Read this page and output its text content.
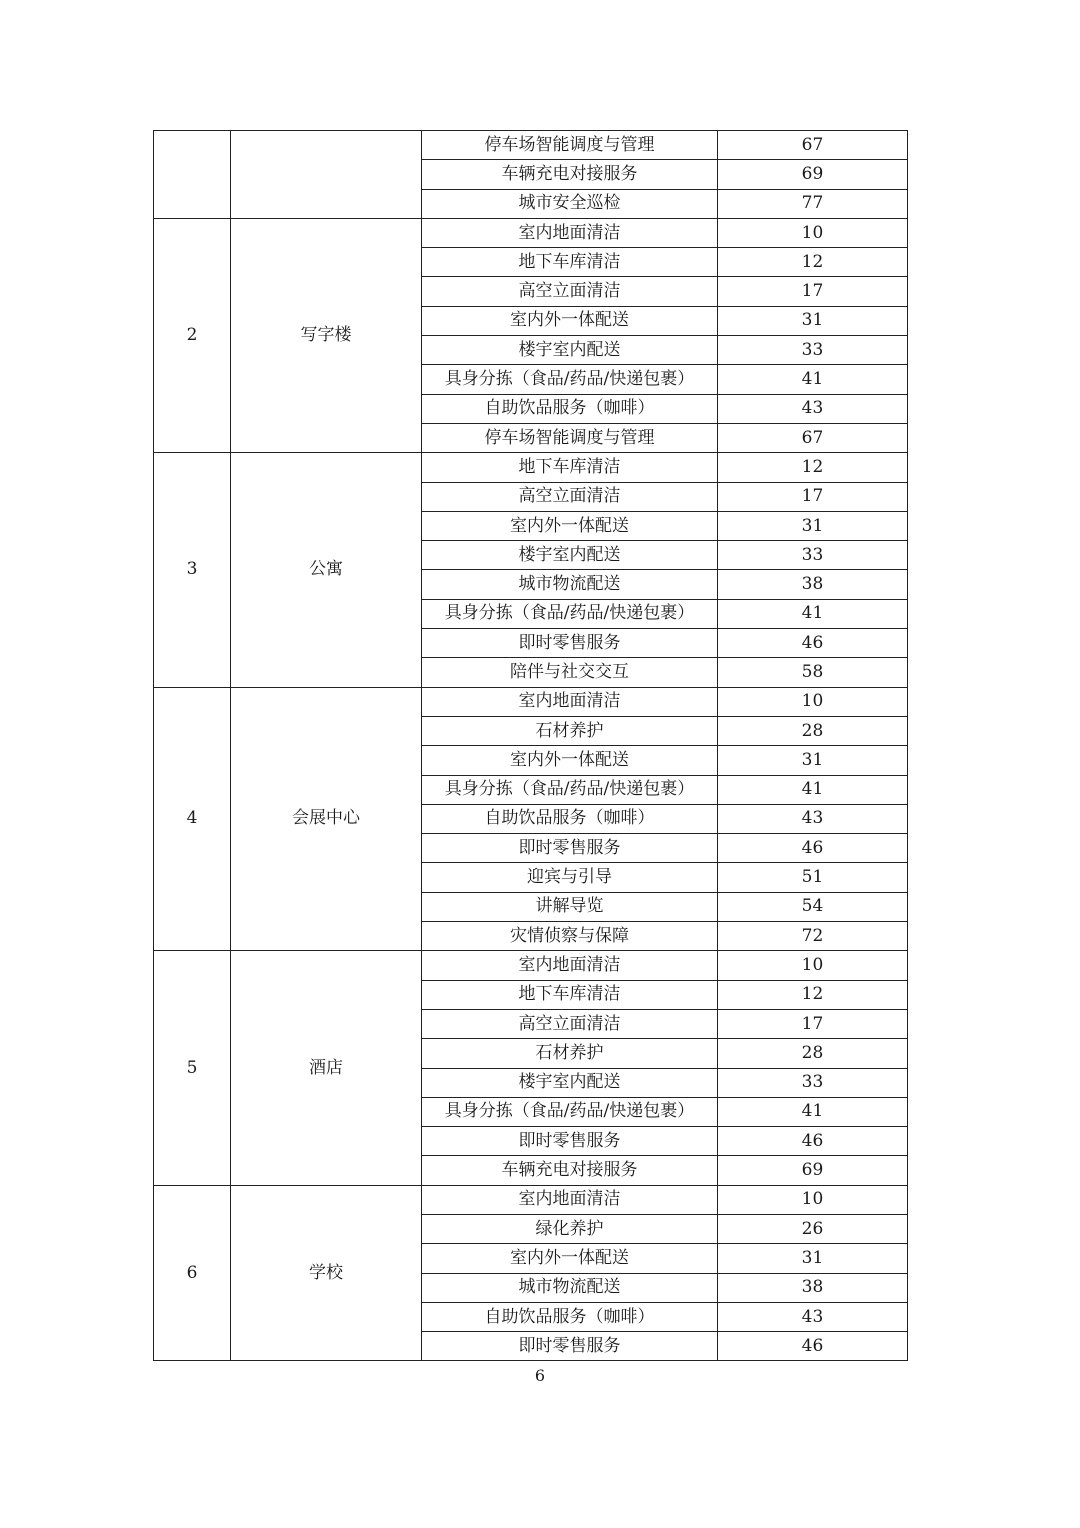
		停车场智能调度与管理	67
		车辆充电对接服务	69
		城市安全巡检	77
2	写字楼	室内地面清洁	10
		地下车库清洁	12
		高空立面清洁	17
		室内外一体配送	31
		楼宇室内配送	33
		具身分拣（食品/药品/快递包裹）	41
		自助饮品服务（咖啡）	43
		停车场智能调度与管理	67
3	公寓	地下车库清洁	12
		高空立面清洁	17
		室内外一体配送	31
		楼宇室内配送	33
		城市物流配送	38
		具身分拣（食品/药品/快递包裹）	41
		即时零售服务	46
		陪伴与社交交互	58
4	会展中心	室内地面清洁	10
		石材养护	28
		室内外一体配送	31
		具身分拣（食品/药品/快递包裹）	41
		自助饮品服务（咖啡）	43
		即时零售服务	46
		迎宾与引导	51
		讲解导览	54
		灾情侦察与保障	72
5	酒店	室内地面清洁	10
		地下车库清洁	12
		高空立面清洁	17
		石材养护	28
		楼宇室内配送	33
		具身分拣（食品/药品/快递包裹）	41
		即时零售服务	46
		车辆充电对接服务	69
6	学校	室内地面清洁	10
		绿化养护	26
		室内外一体配送	31
		城市物流配送	38
		自助饮品服务（咖啡）	43
		即时零售服务	46
6
